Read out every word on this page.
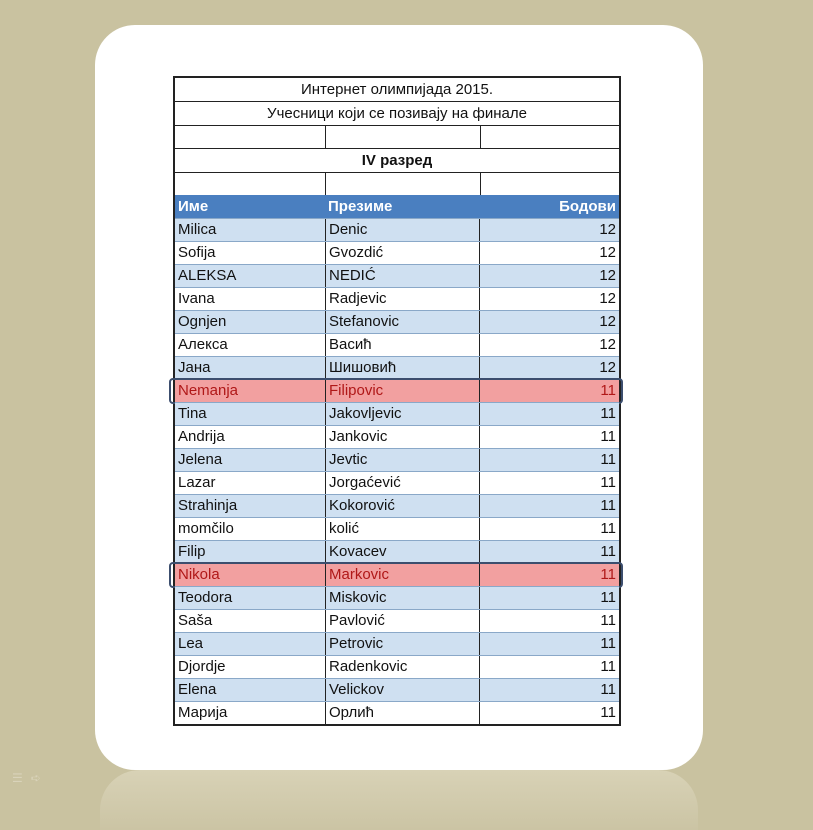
Интернет олимпијада 2015.
Учесници који се позивају на финале
IV разред
Име	Презиме	Бодови
Milica	Denic	12
Sofija	Gvozdić	12
ALEKSA	NEDIĆ	12
Ivana	Radjevic	12
Ognjen	Stefanovic	12
Алекса	Васић	12
Јана	Шишовић	12
Nemanja	Filipovic	11
Tina	Jakovljevic	11
Andrija	Jankovic	11
Jelena	Jevtic	11
Lazar	Jorgaćević	11
Strahinja	Kokorović	11
momčilo	kolić	11
Filip	Kovacev	11
Nikola	Markovic	11
Teodora	Miskovic	11
Saša	Pavlović	11
Lea	Petrovic	11
Djordje	Radenkovic	11
Elena	Velickov	11
Марија	Орлић	11
☰➪
